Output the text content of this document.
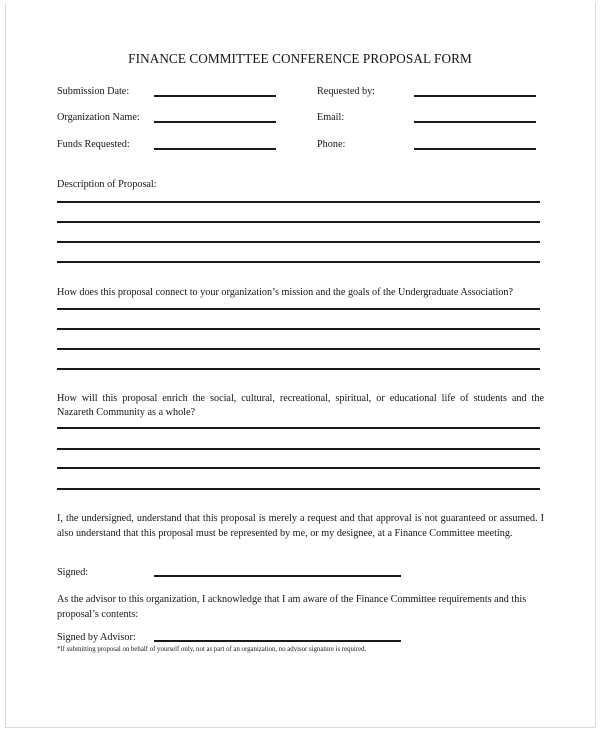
FINANCE COMMITTEE CONFERENCE PROPOSAL FORM
Submission Date:
Organization Name:
Funds Requested:
Requested by:
Email:
Phone:
Description of Proposal:
How does this proposal connect to your organization’s mission and the goals of the Undergraduate Association?
How will this proposal enrich the social, cultural, recreational, spiritual, or educational life of students and the Nazareth Community as a whole?
I, the undersigned, understand that this proposal is merely a request and that approval is not guaranteed or assumed. I also understand that this proposal must be represented by me, or my designee, at a Finance Committee meeting.
Signed:
As the advisor to this organization, I acknowledge that I am aware of the Finance Committee requirements and this proposal’s contents:
Signed by Advisor:
*If submitting proposal on behalf of yourself only, not as part of an organization, no advisor signature is required.
